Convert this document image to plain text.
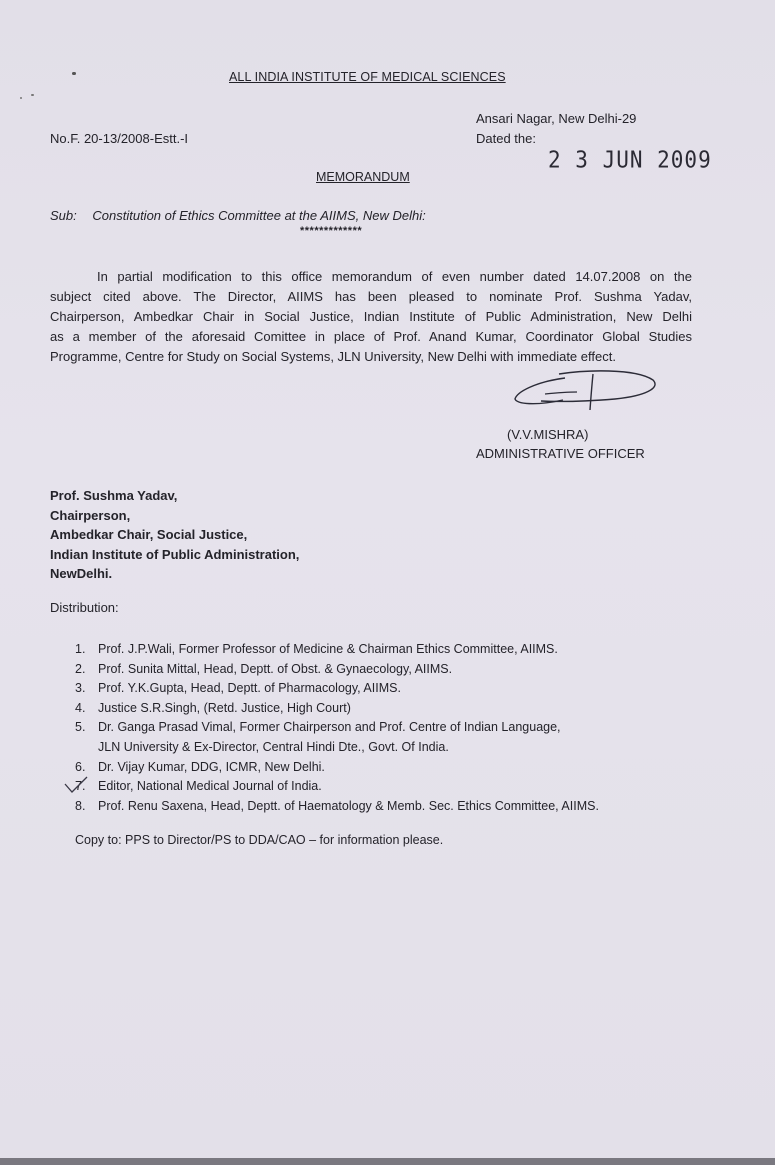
ALL INDIA INSTITUTE OF MEDICAL SCIENCES
Ansari Nagar, New Delhi-29
Dated the:
No.F. 20-13/2008-Estt.-I
2 3 JUN 2009
MEMORANDUM
Sub: Constitution of Ethics Committee at the AIIMS, New Delhi:
*************
In partial modification to this office memorandum of even number dated 14.07.2008 on the
subject cited above. The Director, AIIMS has been pleased to nominate Prof. Sushma Yadav,
Chairperson, Ambedkar Chair in Social Justice, Indian Institute of Public Administration, New Delhi
as a member of the aforesaid Comittee in place of Prof. Anand Kumar, Coordinator Global Studies
Programme, Centre for Study on Social Systems, JLN University, New Delhi with immediate effect.
(V.V.MISHRA)
ADMINISTRATIVE OFFICER
Prof. Sushma Yadav,
Chairperson,
Ambedkar Chair, Social Justice,
Indian Institute of Public Administration,
NewDelhi.
Distribution:
1.	Prof. J.P.Wali, Former Professor of Medicine & Chairman Ethics Committee, AIIMS.
2.	Prof. Sunita Mittal, Head, Deptt. of Obst. & Gynaecology, AIIMS.
3.	Prof. Y.K.Gupta, Head, Deptt. of Pharmacology, AIIMS.
4.	Justice S.R.Singh, (Retd. Justice, High Court)
5.	Dr. Ganga Prasad Vimal, Former Chairperson and Prof. Centre of Indian Language,
JLN University & Ex-Director, Central Hindi Dte., Govt. Of India.
6.	Dr. Vijay Kumar, DDG, ICMR, New Delhi.
7.	Editor, National Medical Journal of India.
8.	Prof. Renu Saxena, Head, Deptt. of Haematology & Memb. Sec. Ethics Committee, AIIMS.
Copy to: PPS to Director/PS to DDA/CAO – for information please.
